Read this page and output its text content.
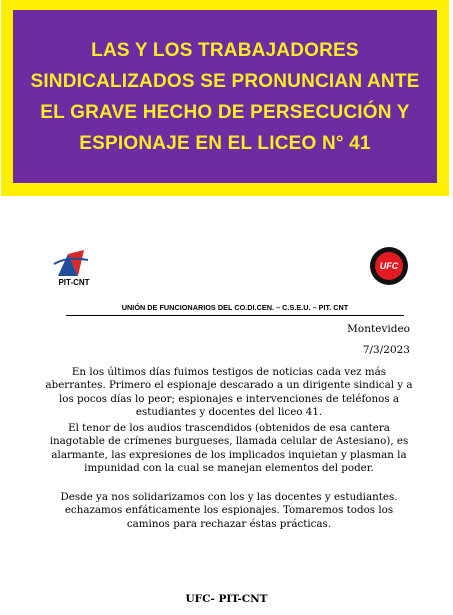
LAS Y LOS TRABAJADORES SINDICALIZADOS SE PRONUNCIAN ANTE EL GRAVE HECHO DE PERSECUCIÓN Y ESPIONAJE EN EL LICEO N° 41
PIT-CNT
UFC
UNIÓN DE FUNCIONARIOS DEL CO.DI.CEN. – C.S.E.U. – PIT. CNT
Montevideo
7/3/2023

En los últimos días fuimos testigos de noticias cada vez más aberrantes. Primero el espionaje descarado a un dirigente sindical y a los pocos días lo peor; espionajes e intervenciones de teléfonos a estudiantes y docentes del liceo 41.

El tenor de los audios trascendidos (obtenidos de esa cantera inagotable de crímenes burgueses, llamada celular de Astesiano), es alarmante, las expresiones de los implicados inquietan y plasman la impunidad con la cual se manejan elementos del poder.

Desde ya nos solidarizamos con los y las docentes y estudiantes. echazamos enfáticamente los espionajes. Tomaremos todos los caminos para rechazar éstas prácticas.

UFC- PIT-CNT
